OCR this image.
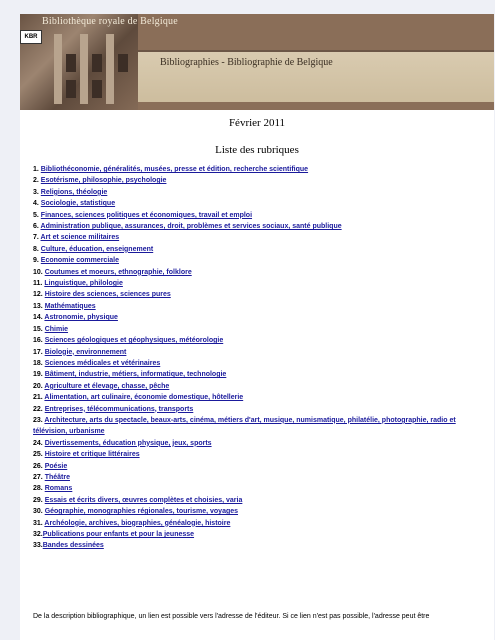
KBR
Bibliothèque royale de Belgique
Bibliographies - Bibliographie de Belgique
Février 2011
Liste des rubriques
1. Bibliothéconomie, généralités, musées, presse et édition, recherche scientifique
2. Esotérisme, philosophie, psychologie
3. Religions, théologie
4. Sociologie, statistique
5. Finances, sciences politiques et économiques, travail et emploi
6. Administration publique, assurances, droit, problèmes et services sociaux, santé publique
7. Art et science militaires
8. Culture, éducation, enseignement
9. Economie commerciale
10. Coutumes et moeurs, ethnographie, folklore
11. Linguistique, philologie
12. Histoire des sciences, sciences pures
13. Mathématiques
14. Astronomie, physique
15. Chimie
16. Sciences géologiques et géophysiques, météorologie
17. Biologie, environnement
18. Sciences médicales et vétérinaires
19. Bâtiment, industrie, métiers, informatique, technologie
20. Agriculture et élevage, chasse, pêche
21. Alimentation, art culinaire, économie domestique, hôtellerie
22. Entreprises, télécommunications, transports
23. Architecture, arts du spectacle, beaux-arts, cinéma, métiers d'art, musique, numismatique, philatélie, photographie, radio et télévision, urbanisme
24. Divertissements, éducation physique, jeux, sports
25. Histoire et critique littéraires
26. Poésie
27. Théâtre
28. Romans
29. Essais et écrits divers, œuvres complètes et choisies, varia
30. Géographie, monographies régionales, tourisme, voyages
31. Archéologie, archives, biographies, généalogie, histoire
32.Publications pour enfants et pour la jeunesse
33.Bandes dessinées
De la description bibliographique, un lien est possible vers l'adresse de l'éditeur. Si ce lien n'est pas possible, l'adresse peut être
